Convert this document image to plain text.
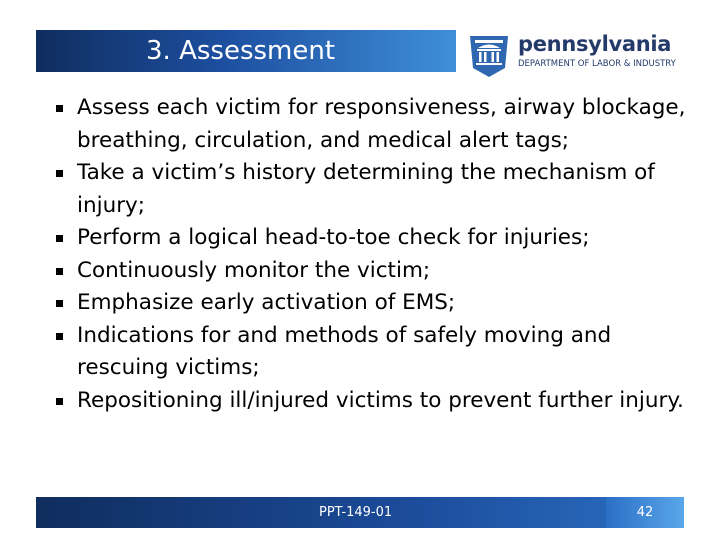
3. Assessment	pennsylvania
DEPARTMENT OF LABOR & INDUSTRY
Assess each victim for responsiveness, airway blockage, breathing, circulation, and medical alert tags;
Take a victim’s history determining the mechanism of injury;
Perform a logical head-to-toe check for injuries;
Continuously monitor the victim;
Emphasize early activation of EMS;
Indications for and methods of safely moving and rescuing victims;
Repositioning ill/injured victims to prevent further injury.
PPT-149-01	42
